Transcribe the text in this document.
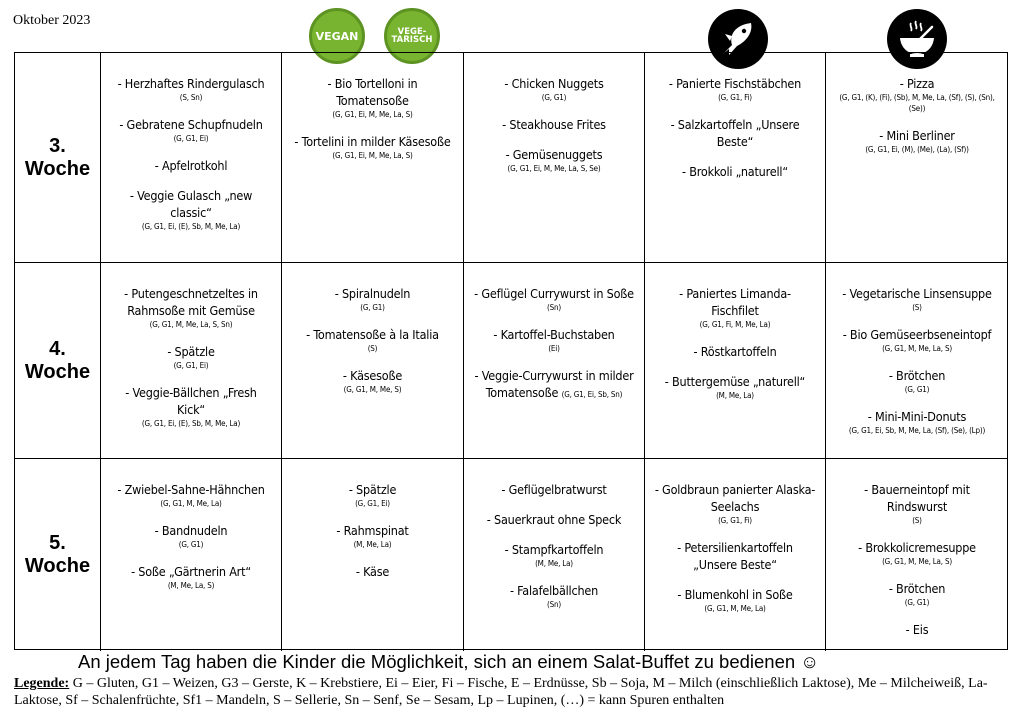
Oktober 2023
VEGAN	VEGE-
TARISCH
3.
Woche
- Herzhaftes Rindergulasch
(S, Sn)
- Gebratene Schupfnudeln
(G, G1, Ei)
- Apfelrotkohl
- Veggie Gulasch „new classic“
(G, G1, Ei, (E), Sb, M, Me, La)
- Bio Tortelloni in Tomatensoße
(G, G1, Ei, M, Me, La, S)
- Tortelini in milder Käsesoße
(G, G1, Ei, M, Me, La, S)
- Chicken Nuggets
(G, G1)
- Steakhouse Frites
- Gemüsenuggets
(G, G1, Ei, M, Me, La, S, Se)
- Panierte Fischstäbchen
(G, G1, Fi)
- Salzkartoffeln „Unsere Beste“
- Brokkoli „naturell“
- Pizza
(G, G1, (K), (Fi), (Sb), M, Me, La, (Sf), (S), (Sn), (Se))
- Mini Berliner
(G, G1, Ei, (M), (Me), (La), (Sf))
4.
Woche
- Putengeschnetzeltes in Rahmsoße mit Gemüse
(G, G1, M, Me, La, S, Sn)
- Spätzle
(G, G1, Ei)
- Veggie-Bällchen „Fresh Kick“
(G, G1, Ei, (E), Sb, M, Me, La)
- Spiralnudeln
(G, G1)
- Tomatensoße à la Italia
(S)
- Käsesoße
(G, G1, M, Me, S)
- Geflügel Currywurst in Soße
(Sn)
- Kartoffel-Buchstaben
(Ei)
- Veggie-Currywurst in milder Tomatensoße (G, G1, Ei, Sb, Sn)
- Paniertes Limanda-Fischfilet
(G, G1, Fi, M, Me, La)
- Röstkartoffeln
- Buttergemüse „naturell“
(M, Me, La)
- Vegetarische Linsensuppe
(S)
- Bio Gemüseerbseneintopf
(G, G1, M, Me, La, S)
- Brötchen
(G, G1)
- Mini-Mini-Donuts
(G, G1, Ei, Sb, M, Me, La, (Sf), (Se), (Lp))
5.
Woche
- Zwiebel-Sahne-Hähnchen
(G, G1, M, Me, La)
- Bandnudeln
(G, G1)
- Soße „Gärtnerin Art“
(M, Me, La, S)
- Spätzle
(G, G1, Ei)
- Rahmspinat
(M, Me, La)
- Käse
- Geflügelbratwurst
- Sauerkraut ohne Speck
- Stampfkartoffeln
(M, Me, La)
- Falafelbällchen
(Sn)
- Goldbraun panierter Alaska-Seelachs
(G, G1, Fi)
- Petersilienkartoffeln „Unsere Beste“
- Blumenkohl in Soße
(G, G1, M, Me, La)
- Bauerneintopf mit Rindswurst
(S)
- Brokkolicremesuppe
(G, G1, M, Me, La, S)
- Brötchen
(G, G1)
- Eis
An jedem Tag haben die Kinder die Möglichkeit, sich an einem Salat-Buffet zu bedienen ☺
Legende: G – Gluten, G1 – Weizen, G3 – Gerste, K – Krebstiere, Ei – Eier, Fi – Fische, E – Erdnüsse, Sb – Soja, M – Milch (einschließlich Laktose), Me – Milcheiweiß, La- Laktose, Sf – Schalenfrüchte, Sf1 – Mandeln, S – Sellerie, Sn – Senf, Se – Sesam, Lp – Lupinen, (…) = kann Spuren enthalten
